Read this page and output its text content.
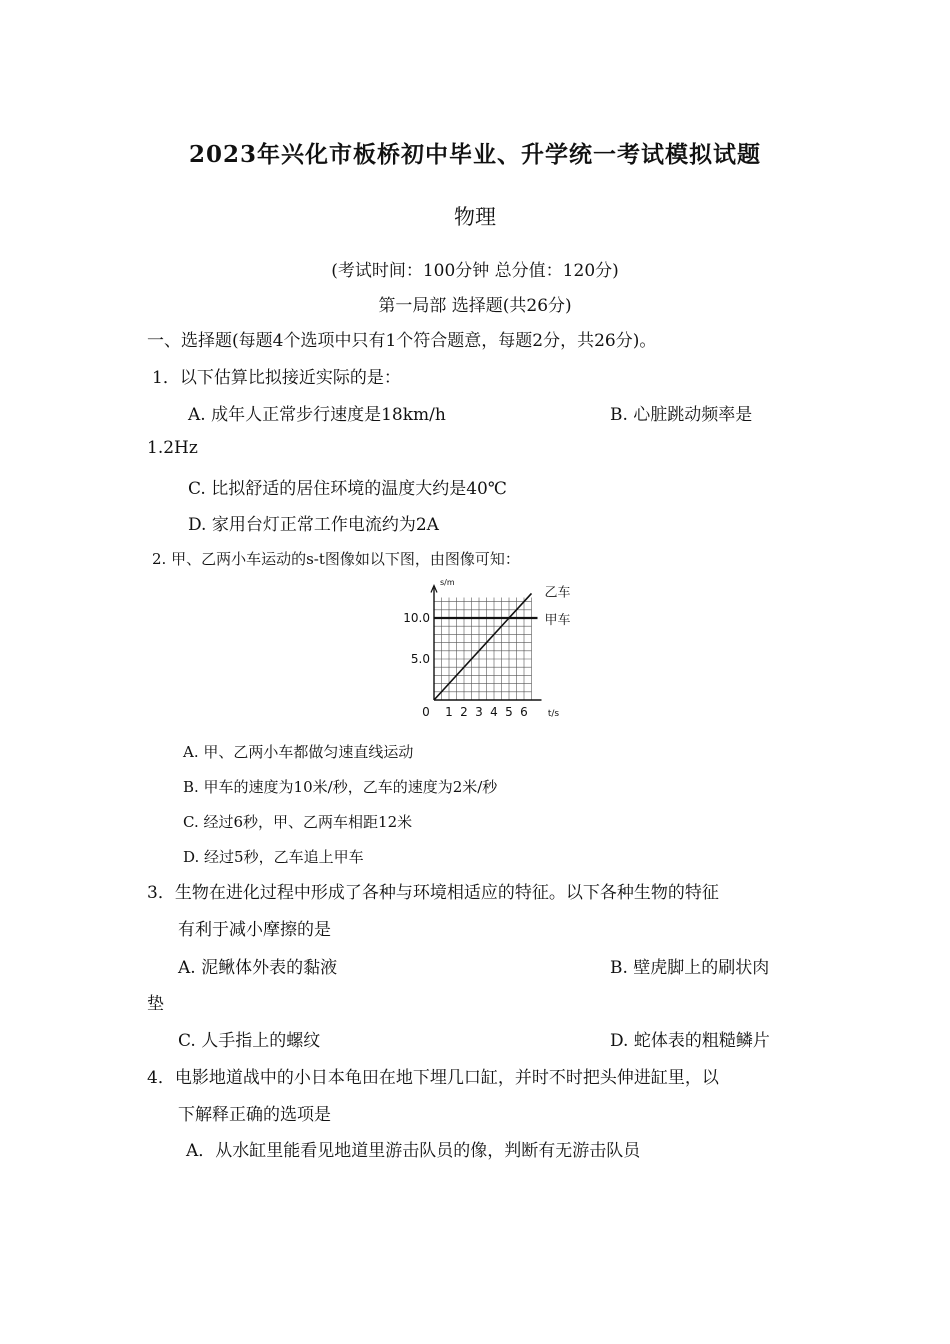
2023年兴化市板桥初中毕业、升学统一考试模拟试题
物理
(考试时间：100分钟 总分值：120分)
第一局部 选择题(共26分)
一、选择题(每题4个选项中只有1个符合题意，每题2分，共26分)。
1．以下估算比拟接近实际的是：
A. 成年人正常步行速度是18km/h	B. 心脏跳动频率是
1.2Hz
C. 比拟舒适的居住环境的温度大约是40℃
D. 家用台灯正常工作电流约为2A
2. 甲、乙两小车运动的s-t图像如以下图，由图像可知：
0 1 2 3 4 5 6
5.0
10.0
t/s
s/m
乙车
甲车
A. 甲、乙两小车都做匀速直线运动
B. 甲车的速度为10米/秒，乙车的速度为2米/秒
C. 经过6秒，甲、乙两车相距12米
D. 经过5秒，乙车追上甲车
3．生物在进化过程中形成了各种与环境相适应的特征。以下各种生物的特征
有利于减小摩擦的是
A. 泥鳅体外表的黏液	B. 壁虎脚上的刷状肉
垫
C. 人手指上的螺纹	D. 蛇体表的粗糙鳞片
4．电影地道战中的小日本龟田在地下埋几口缸，并时不时把头伸进缸里，以
下解释正确的选项是
A．从水缸里能看见地道里游击队员的像，判断有无游击队员
